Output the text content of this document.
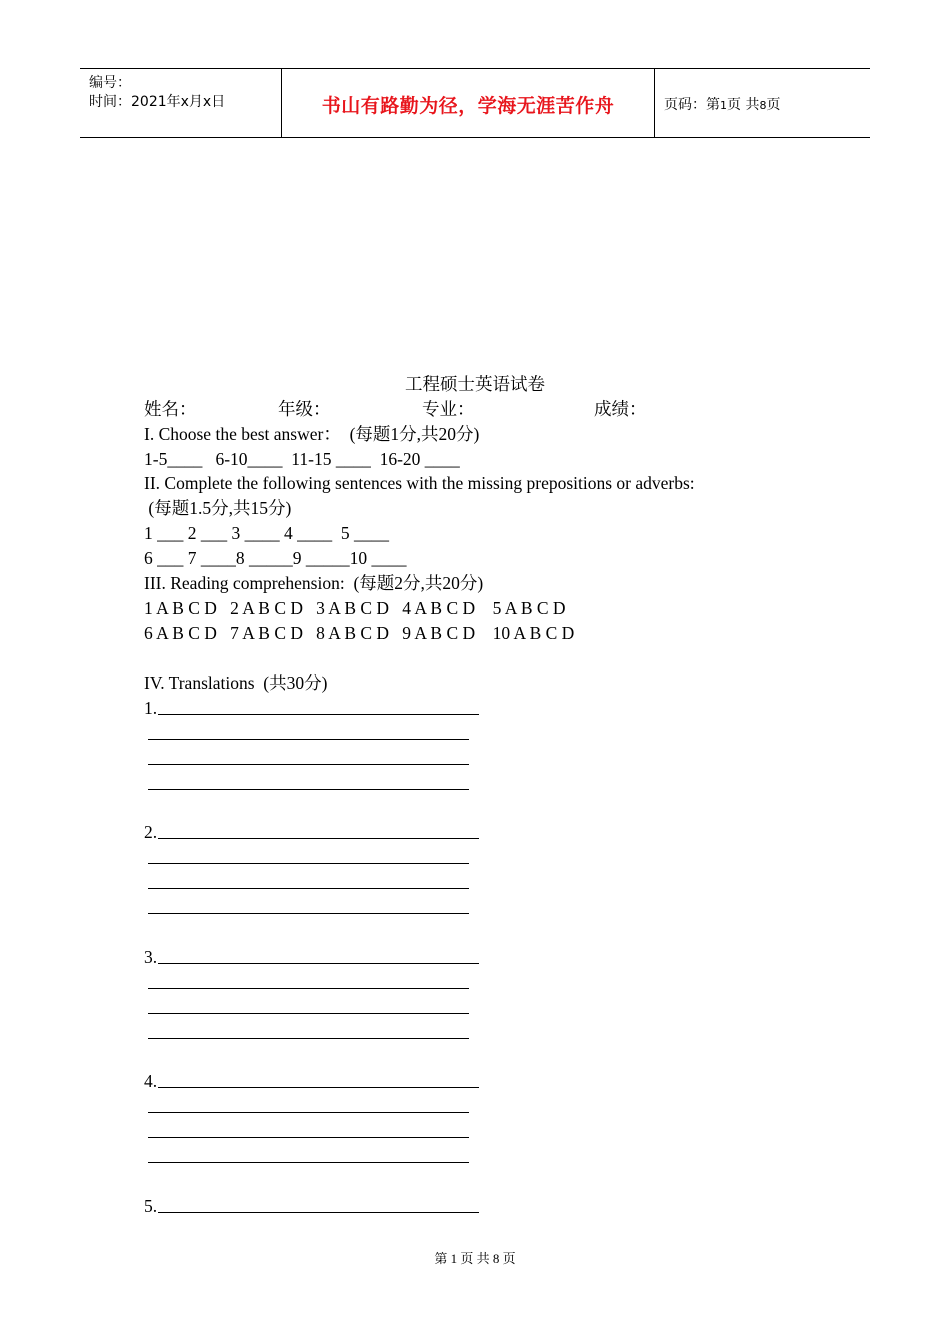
编号：
时间：2021年x月x日	书山有路勤为径，学海无涯苦作舟	页码：第1页 共8页
工程硕士英语试卷
姓名：	年级：	专业：	成绩：
I. Choose the best answer：  (每题1分,共20分)
1-5____   6-10____  11-15 ____  16-20 ____
II. Complete the following sentences with the missing prepositions or adverbs:
(每题1.5分,共15分)
1 ___ 2 ___ 3 ____ 4 ____  5 ____
6 ___ 7 ____8 _____9 _____10 ____
III. Reading comprehension:  (每题2分,共20分)
1 A B C D   2 A B C D   3 A B C D   4 A B C D    5 A B C D
6 A B C D   7 A B C D   8 A B C D   9 A B C D    10 A B C D
IV. Translations  (共30分)
1.
2.
3.
4.
5.
第 1 页 共 8 页
